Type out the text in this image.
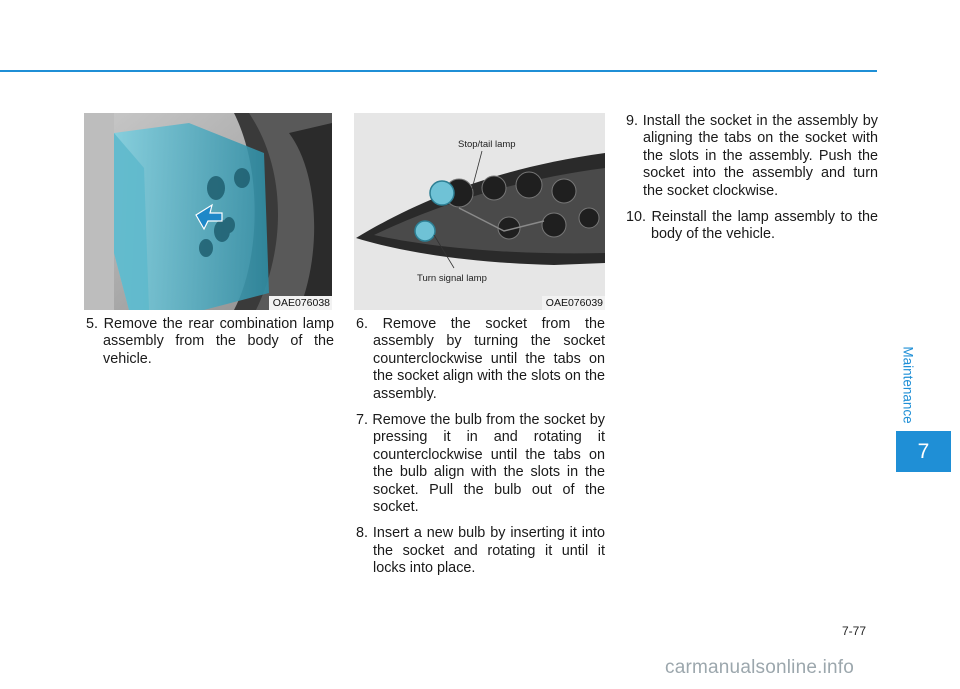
OAE076038
Stop/tail lamp
Turn signal lamp
OAE076039
5. Remove the rear combination lamp assembly from the body of the vehicle.
6. Remove the socket from the assembly by turning the socket counterclockwise until the tabs on the socket align with the slots on the assembly.
7. Remove the bulb from the socket by pressing it in and rotating it counterclockwise until the tabs on the bulb align with the slots in the socket. Pull the bulb out of the socket.
8. Insert a new bulb by inserting it into the socket and rotating it until it locks into place.
9. Install the socket in the assembly by aligning the tabs on the socket with the slots in the assembly. Push the socket into the assembly and turn the socket clockwise.
10. Reinstall the lamp assembly to the body of the vehicle.
Maintenance
7
7-77
carmanualsonline.info
